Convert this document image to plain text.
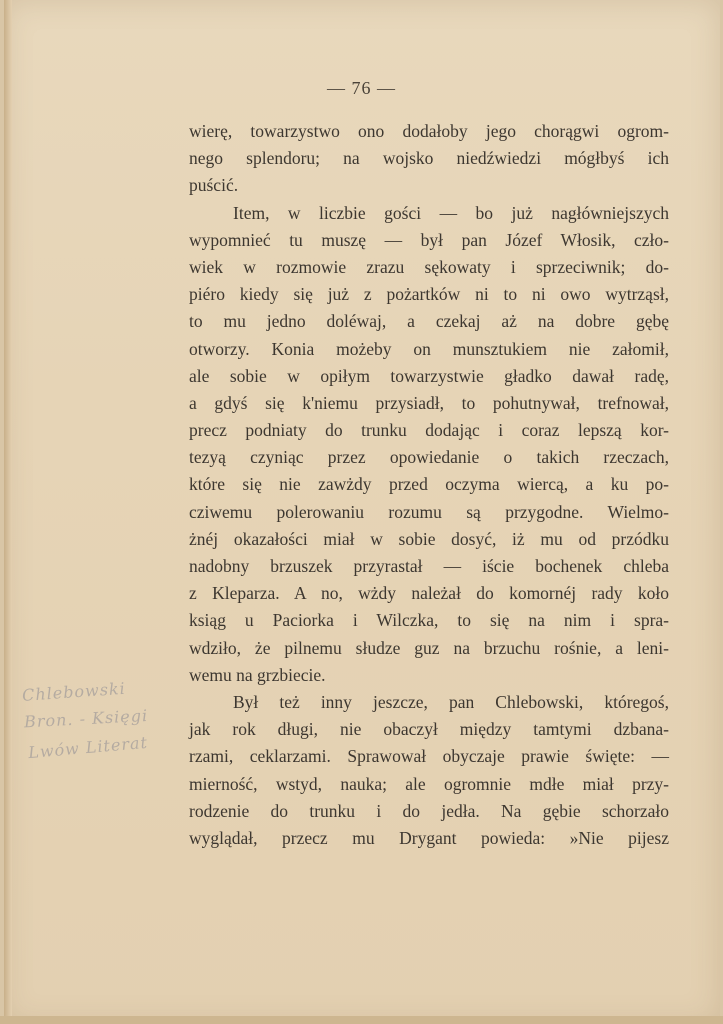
— 76 —
wierę, towarzystwo ono dodałoby jego chorągwi ogrom-
nego splendoru; na wojsko niedźwiedzi mógłbyś ich
puścić.
Item, w liczbie gości — bo już nagłówniejszych
wypomnieć tu muszę — był pan Józef Włosik, czło-
wiek w rozmowie zrazu sękowaty i sprzeciwnik; do-
piéro kiedy się już z pożartków ni to ni owo wytrząsł,
to mu jedno doléwaj, a czekaj aż na dobre gębę
otworzy. Konia możeby on munsztukiem nie załomił,
ale sobie w opiłym towarzystwie gładko dawał radę,
a gdyś się k'niemu przysiadł, to pohutnywał, trefnował,
precz podniaty do trunku dodając i coraz lepszą kor-
tezyą czyniąc przez opowiedanie o takich rzeczach,
które się nie zawżdy przed oczyma wiercą, a ku po-
cziwemu polerowaniu rozumu są przygodne. Wielmo-
żnéj okazałości miał w sobie dosyć, iż mu od przódku
nadobny brzuszek przyrastał — iście bochenek chleba
z Kleparza. A no, wżdy należał do komornéj rady koło
ksiąg u Paciorka i Wilczka, to się na nim i spra-
wdziło, że pilnemu słudze guz na brzuchu rośnie, a leni-
wemu na grzbiecie.
Był też inny jeszcze, pan Chlebowski, któregoś,
jak rok długi, nie obaczył między tamtymi dzbana-
rzami, ceklarzami. Sprawował obyczaje prawie święte: —
mierność, wstyd, nauka; ale ogromnie mdłe miał przy-
rodzenie do trunku i do jedła. Na gębie schorzało
wyglądał, przecz mu Drygant powieda: »Nie pijesz
Chlebowski
Bron. - Księgi
Lwów Literat
